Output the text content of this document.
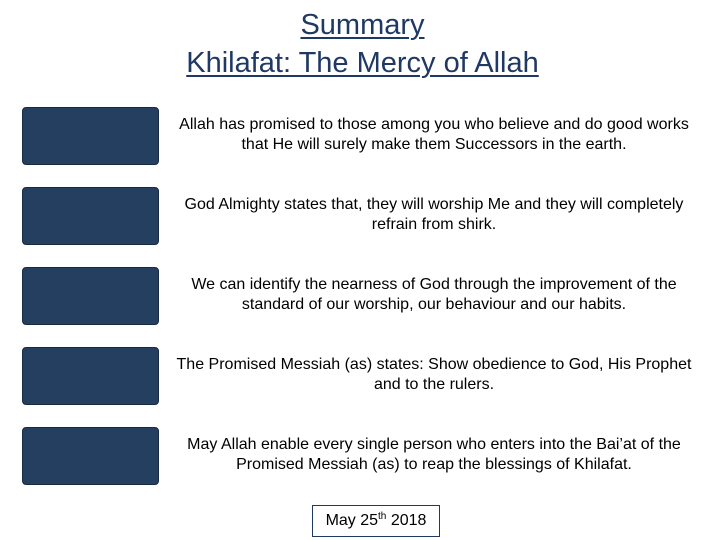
Summary
Khilafat: The Mercy of Allah
Allah has promised to those among you who believe and do good works that He will surely make them Successors in the earth.
God Almighty states that, they will worship Me and they will completely refrain from shirk.
We can identify the nearness of God through the improvement of the standard of our worship, our behaviour and our habits.
The Promised Messiah (as) states: Show obedience to God, His Prophet and to the rulers.
May Allah enable every single person who enters into the Bai’at of the Promised Messiah (as) to reap the blessings of Khilafat.
May 25th 2018
